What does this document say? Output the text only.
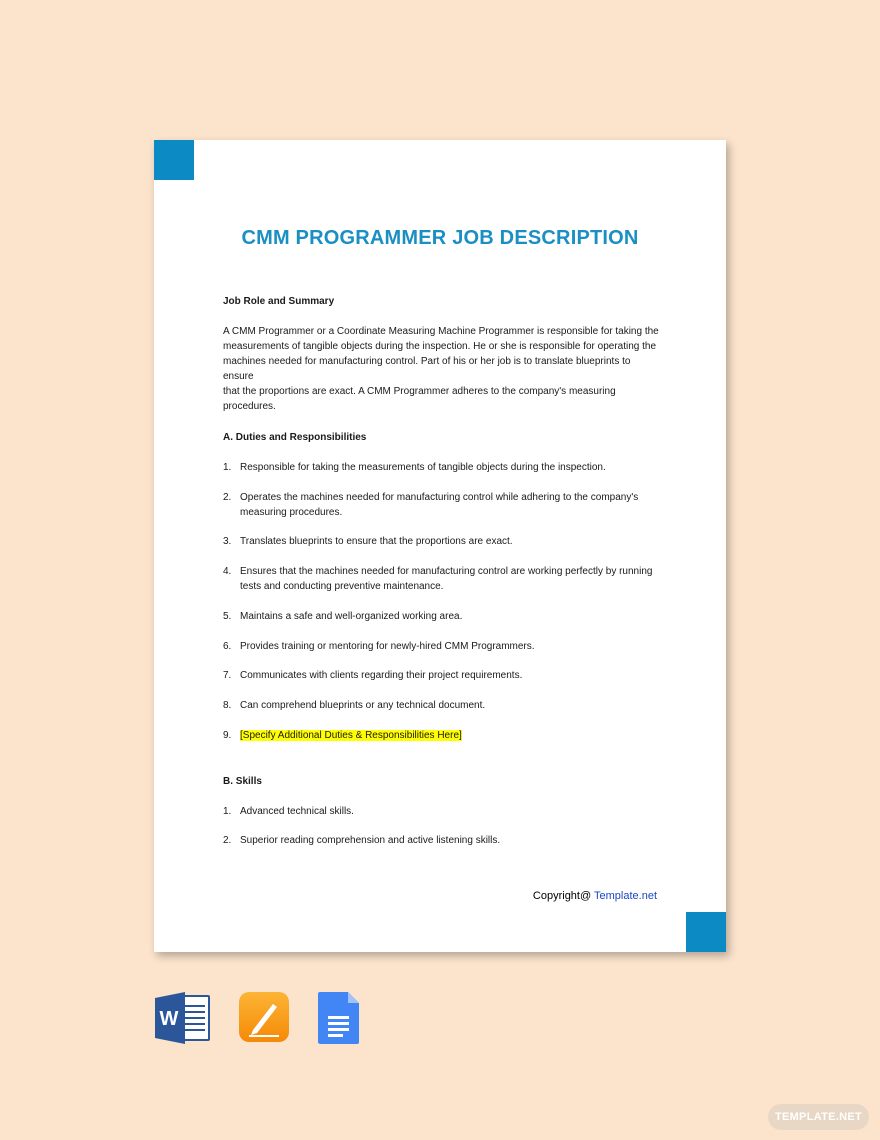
CMM PROGRAMMER JOB DESCRIPTION
Job Role and Summary
A CMM Programmer or a Coordinate Measuring Machine Programmer is responsible for taking the
measurements of tangible objects during the inspection. He or she is responsible for operating the
machines needed for manufacturing control. Part of his or her job is to translate blueprints to ensure
that the proportions are exact. A CMM Programmer adheres to the company's measuring
procedures.
A. Duties and Responsibilities
1. Responsible for taking the measurements of tangible objects during the inspection.
2. Operates the machines needed for manufacturing control while adhering to the company's
measuring procedures.
3. Translates blueprints to ensure that the proportions are exact.
4. Ensures that the machines needed for manufacturing control are working perfectly by running
tests and conducting preventive maintenance.
5. Maintains a safe and well-organized working area.
6. Provides training or mentoring for newly-hired CMM Programmers.
7. Communicates with clients regarding their project requirements.
8. Can comprehend blueprints or any technical document.
9. [Specify Additional Duties & Responsibilities Here]
B. Skills
1. Advanced technical skills.
2. Superior reading comprehension and active listening skills.
Copyright@ Template.net
W
TEMPLATE.NET
